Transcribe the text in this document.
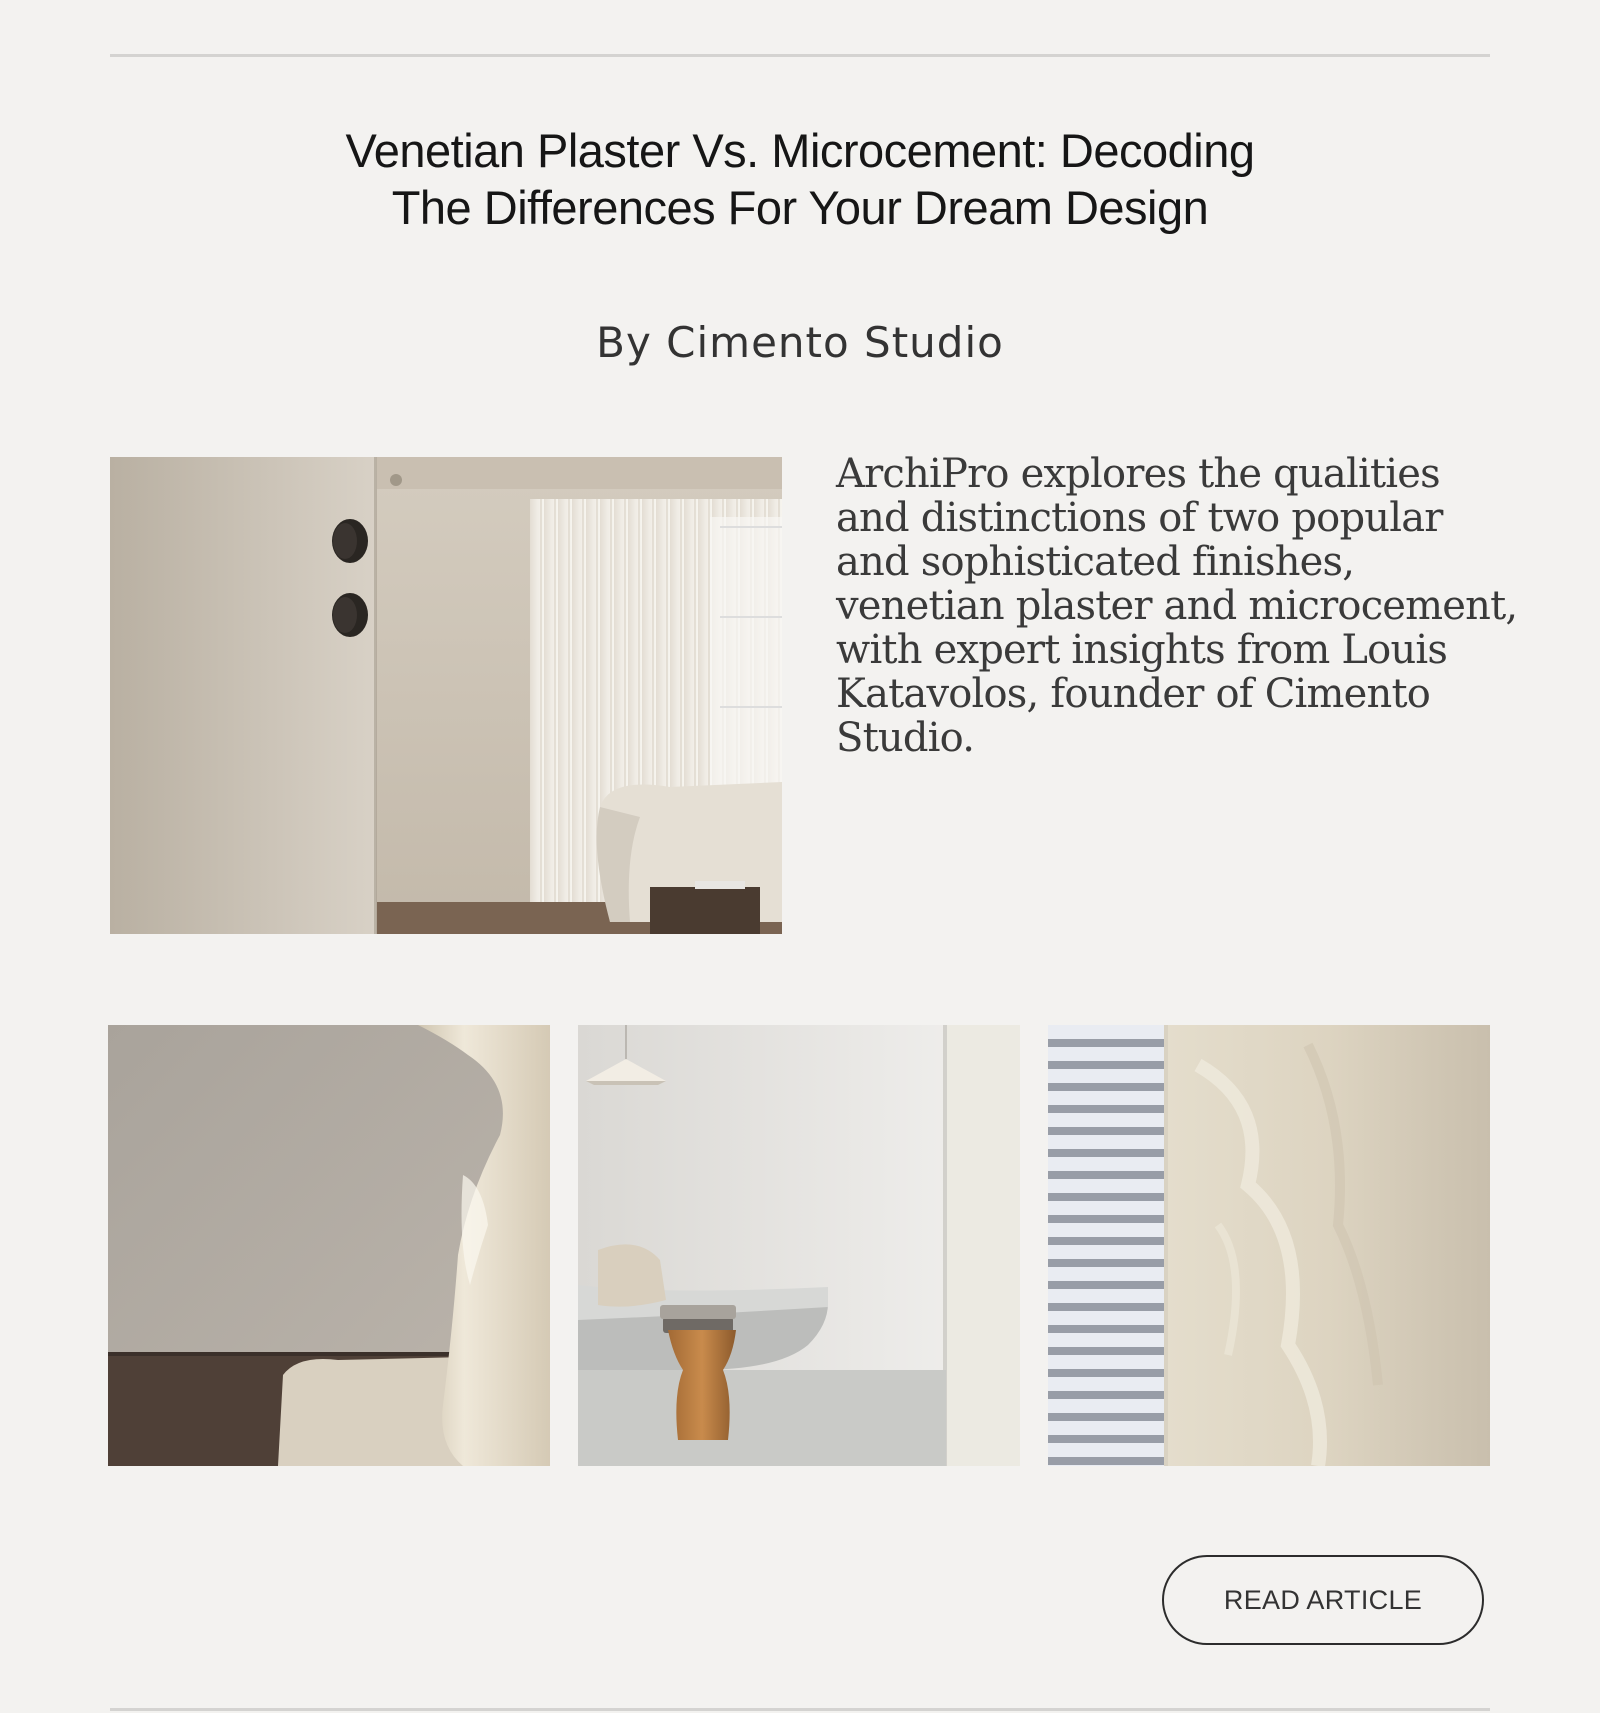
Venetian Plaster Vs. Microcement: Decoding
The Differences For Your Dream Design
By Cimento Studio
ArchiPro explores the qualities
and distinctions of two popular
and sophisticated finishes,
venetian plaster and microcement,
with expert insights from Louis
Katavolos, founder of Cimento
Studio.
READ ARTICLE
